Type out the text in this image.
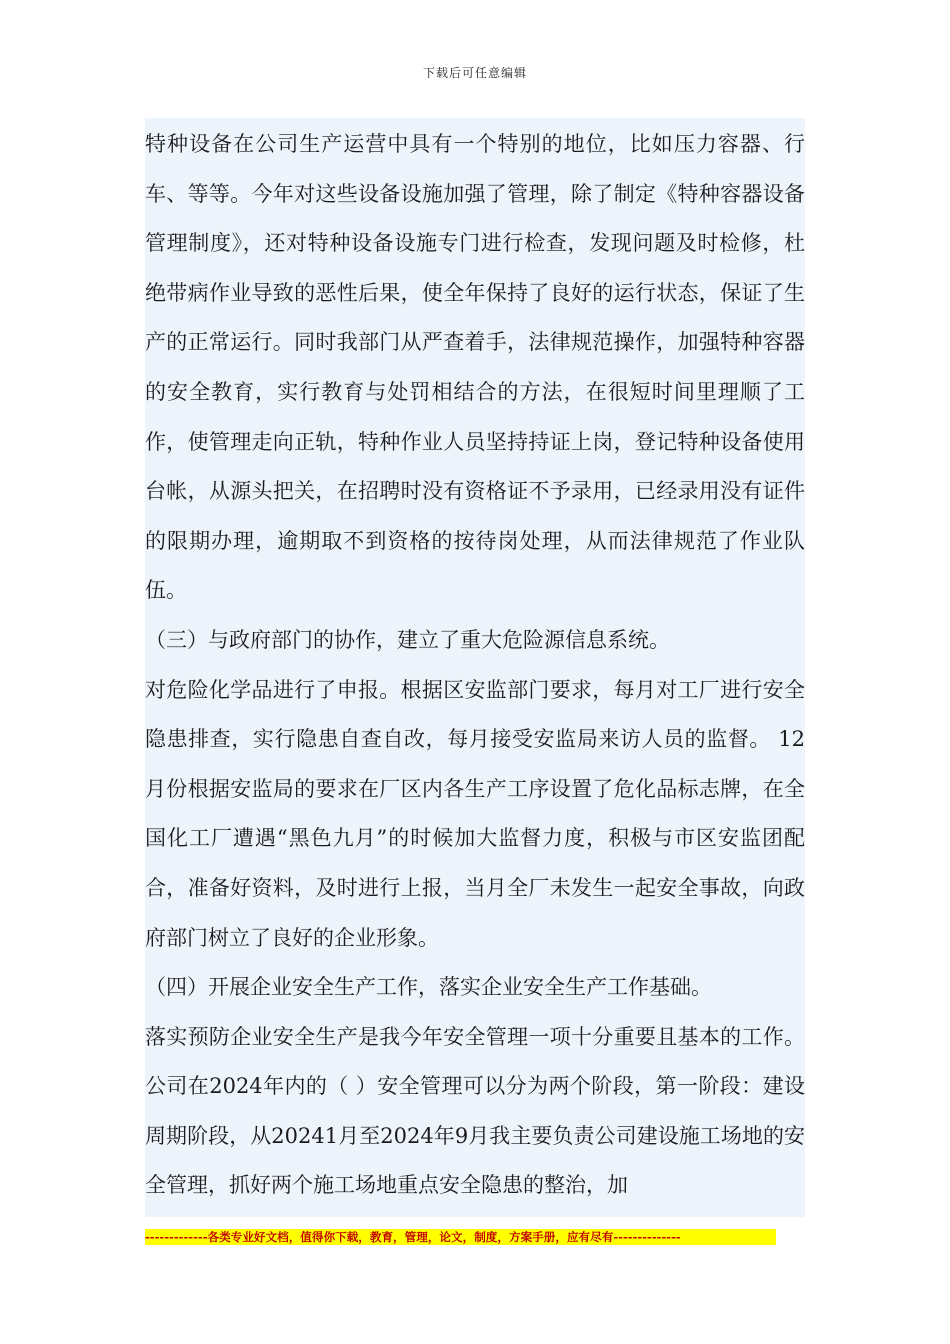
下载后可任意编辑

特种设备在公司生产运营中具有一个特别的地位，比如压力容器、行车、等等。今年对这些设备设施加强了管理，除了制定《特种容器设备管理制度》，还对特种设备设施专门进行检查，发现问题及时检修，杜绝带病作业导致的恶性后果，使全年保持了良好的运行状态，保证了生产的正常运行。同时我部门从严查着手，法律规范操作，加强特种容器的安全教育，实行教育与处罚相结合的方法，在很短时间里理顺了工作，使管理走向正轨，特种作业人员坚持持证上岗，登记特种设备使用台帐，从源头把关，在招聘时没有资格证不予录用，已经录用没有证件的限期办理，逾期取不到资格的按待岗处理，从而法律规范了作业队伍。

（三）与政府部门的协作，建立了重大危险源信息系统。

对危险化学品进行了申报。根据区安监部门要求，每月对工厂进行安全隐患排查，实行隐患自查自改，每月接受安监局来访人员的监督。 12月份根据安监局的要求在厂区内各生产工序设置了危化品标志牌，在全国化工厂遭遇“黑色九月”的时候加大监督力度，积极与市区安监团配合，准备好资料，及时进行上报，当月全厂未发生一起安全事故，向政府部门树立了良好的企业形象。

（四）开展企业安全生产工作，落实企业安全生产工作基础。

落实预防企业安全生产是我今年安全管理一项十分重要且基本的工作。公司在2024年内的（ ）安全管理可以分为两个阶段，第一阶段：建设周期阶段，从20241月至2024年9月我主要负责公司建设施工场地的安全管理，抓好两个施工场地重点安全隐患的整治，加

-------------各类专业好文档，值得你下载，教育，管理，论文，制度，方案手册，应有尽有--------------
